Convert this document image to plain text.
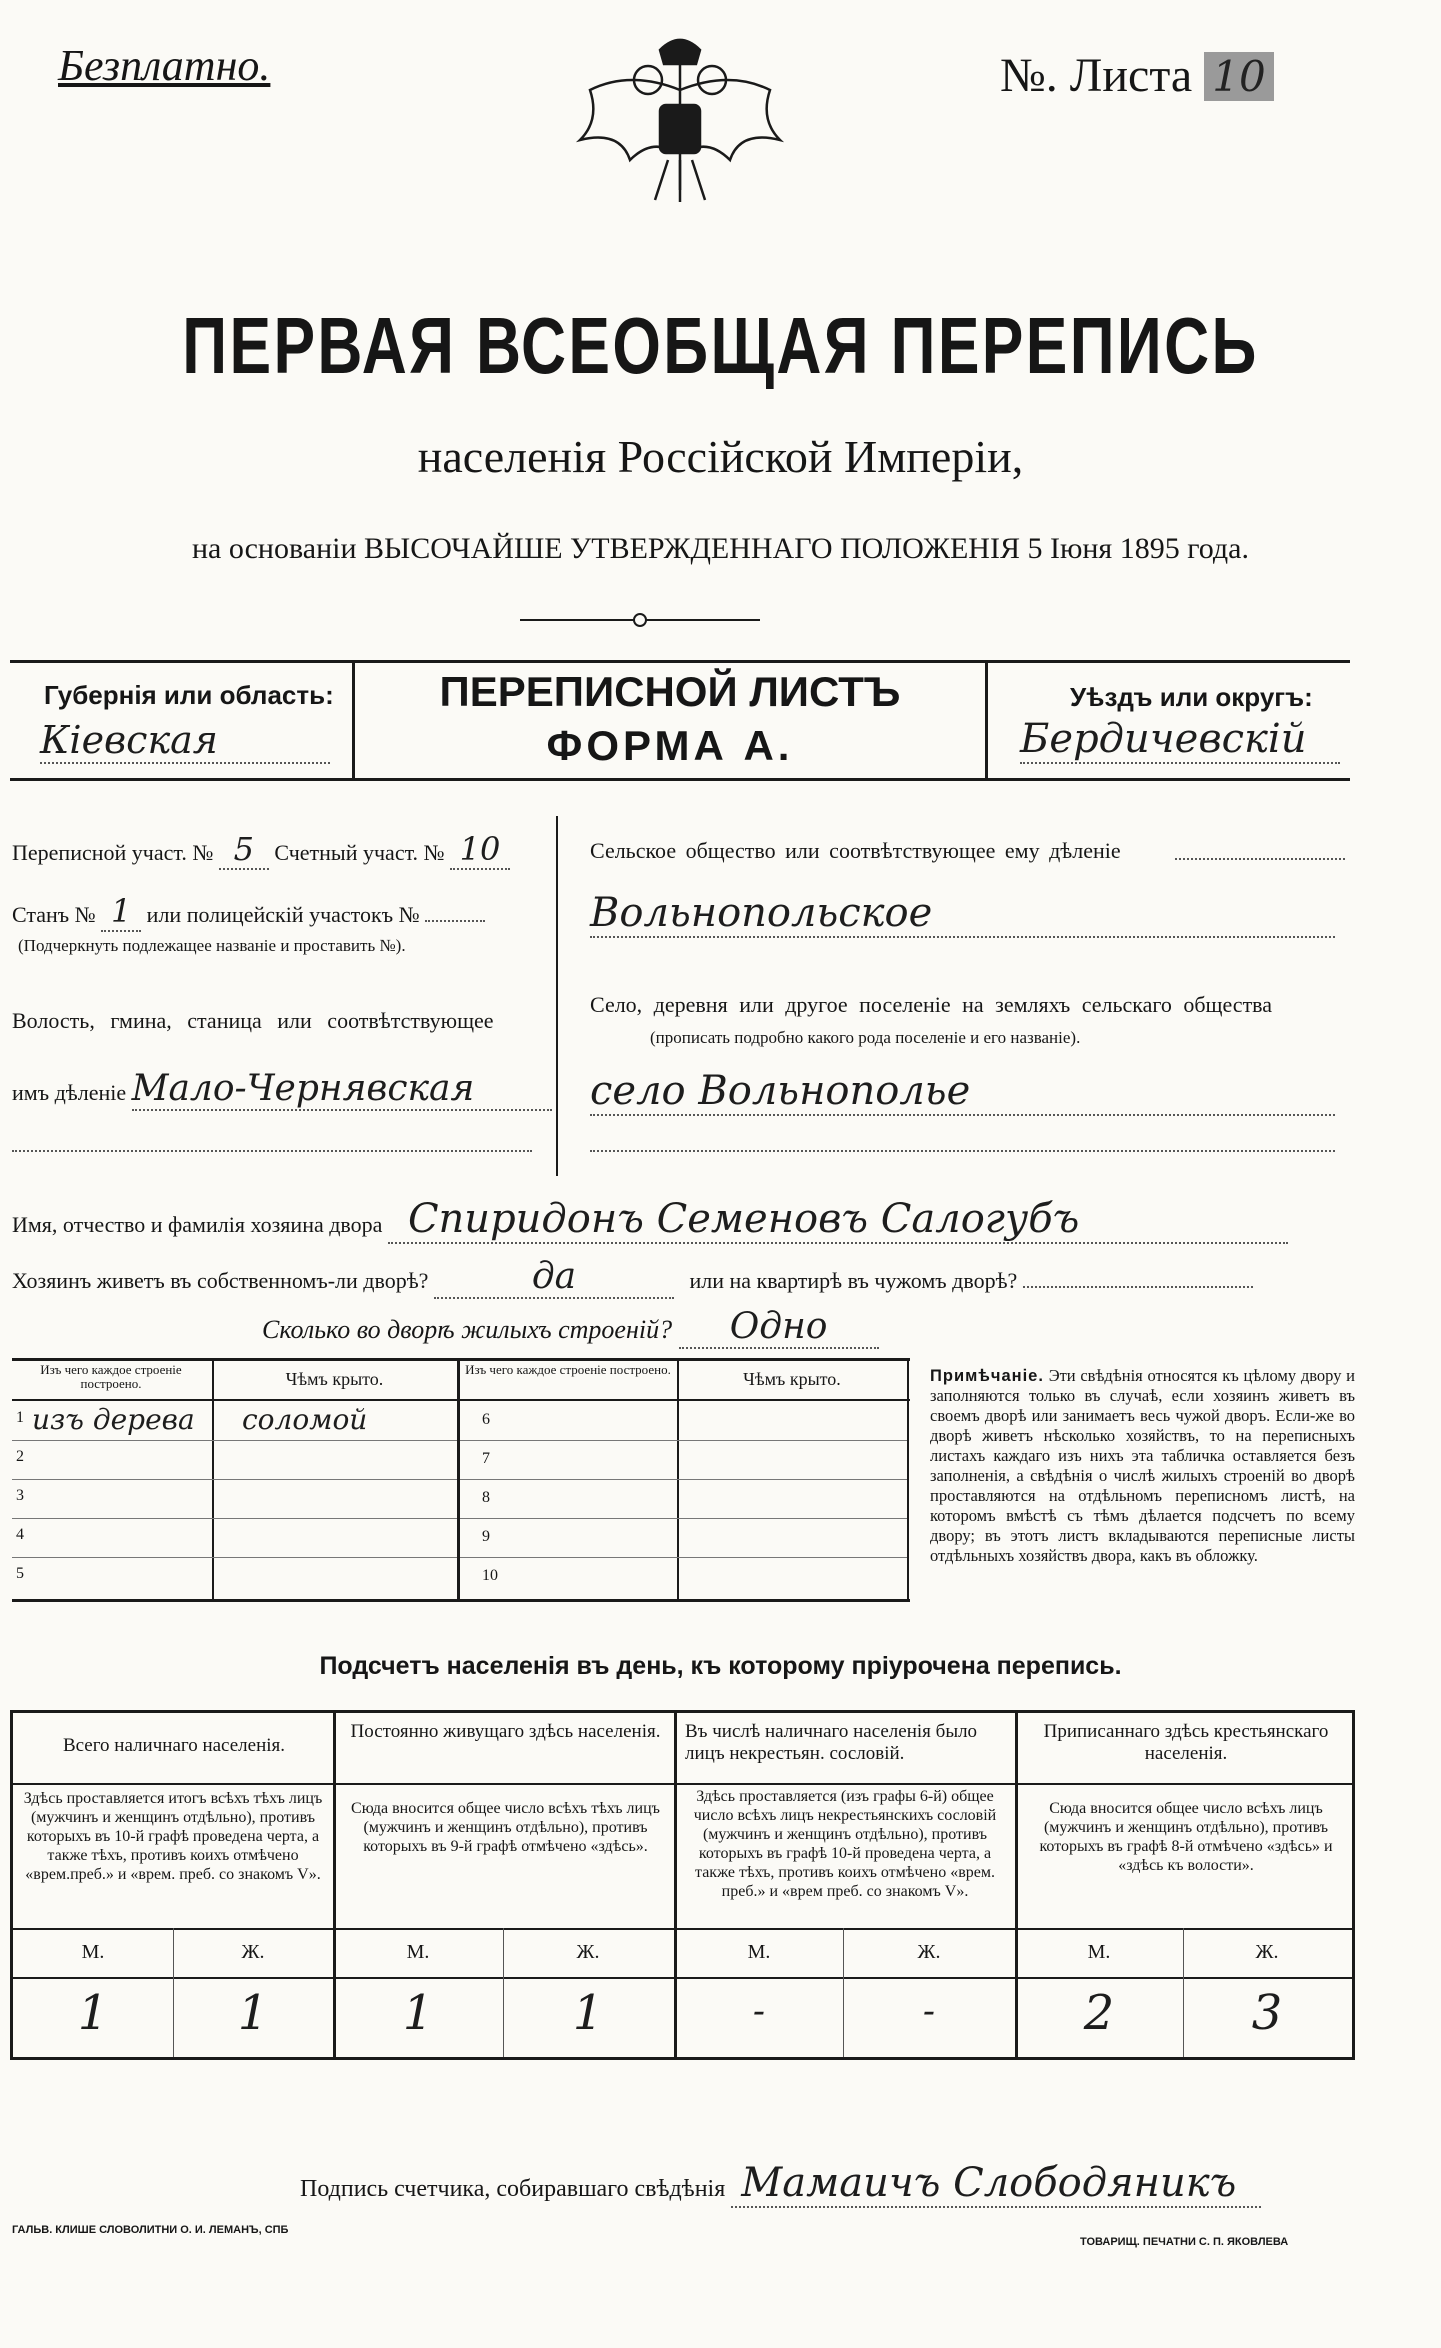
Безплатно.	№. Листа 10
ПЕРВАЯ ВСЕОБЩАЯ ПЕРЕПИСЬ
населенія Россійской Имперіи,
на основаніи ВЫСОЧАЙШЕ УТВЕРЖДЕННАГО ПОЛОЖЕНІЯ 5 Іюня 1895 года.
Губернія или область:
Кіевская
ПЕРЕПИСНОЙ ЛИСТЪ
ФОРМА А.
Уѣздъ или округъ:
Бердичевскій
Переписной участ. № 5 Счетный участ. № 10
Станъ № 1 или полицейскій участокъ №
(Подчеркнуть подлежащее названіе и проставить №).
Волость, гмина, станица или соотвѣтствующее
имъ дѣленіе Мало-Чернявская
Сельское общество или соотвѣтствующее ему дѣленіе
Вольнопольское
Село, деревня или другое поселеніе на земляхъ сельскаго общества
(прописать подробно какого рода поселеніе и его названіе).
село Вольнополье
Имя, отчество и фамилія хозяина двора Спиридонъ Семеновъ Салогубъ
Хозяинъ живетъ въ собственномъ-ли дворѣ?	да	или на квартирѣ въ чужомъ дворѣ?
Сколько во дворѣ жилыхъ строеній? Одно
Изъ чего каждое строеніе построено.	Чѣмъ крыто.	Изъ чего каждое строеніе построено.	Чѣмъ крыто.
1 изъ дерева соломой
2
3
4
5
6
7
8
9
10
Примѣчаніе. Эти свѣдѣнія относятся къ цѣлому двору и заполняются только въ случаѣ, если хозяинъ живетъ въ своемъ дворѣ или занимаетъ весь чужой дворъ. Если-же во дворѣ живетъ нѣсколько хозяйствъ, то на переписныхъ листахъ каждаго изъ нихъ эта табличка оставляется безъ заполненія, а свѣдѣнія о числѣ жилыхъ строеній во дворѣ проставляются на отдѣльномъ переписномъ листѣ, на которомъ вмѣстѣ съ тѣмъ дѣлается подсчетъ по всему двору; въ этотъ листъ вкладываются переписные листы отдѣльныхъ хозяйствъ двора, какъ въ обложку.
Подсчетъ населенія въ день, къ которому пріурочена перепись.
Всего наличнаго населенія.
Здѣсь проставляется итогъ всѣхъ тѣхъ лицъ (мужчинъ и женщинъ отдѣльно), противъ которыхъ въ 10-й графѣ проведена черта, а также тѣхъ, противъ коихъ отмѣчено «врем.преб.» и «врем. преб. со знакомъ V».
М.	Ж.
1	1
Постоянно живущаго здѣсь населенія.
Сюда вносится общее число всѣхъ тѣхъ лицъ (мужчинъ и женщинъ отдѣльно), противъ которыхъ въ 9-й графѣ отмѣчено «здѣсь».
М.	Ж.
1	1
Въ числѣ наличнаго населенія было лицъ некрестьян. сословій.
Здѣсь проставляется (изъ графы 6-й) общее число всѣхъ лицъ некрестьянскихъ сословій (мужчинъ и женщинъ отдѣльно), противъ которыхъ въ графѣ 10-й проведена черта, а также тѣхъ, противъ коихъ отмѣчено «врем. преб.» и «врем преб. со знакомъ V».
М.	Ж.
-	-
Приписаннаго здѣсь крестьянскаго населенія.
Сюда вносится общее число всѣхъ лицъ (мужчинъ и женщинъ отдѣльно), противъ которыхъ въ графѣ 8-й отмѣчено «здѣсь» и «здѣсь къ волости».
М.	Ж.
2	3
Подпись счетчика, собиравшаго свѣдѣнія Мамаичъ Слободяникъ
ГАЛЬВ. КЛИШЕ СЛОВОЛИТНИ О. И. ЛЕМАНЪ, СПБ
ТОВАРИЩ. ПЕЧАТНИ С. П. ЯКОВЛЕВА
